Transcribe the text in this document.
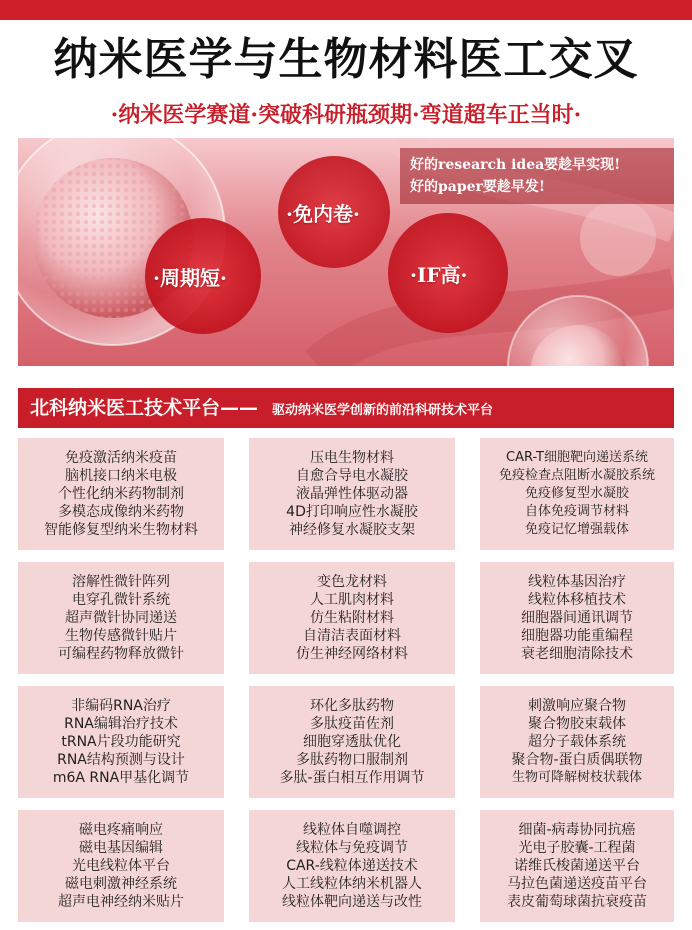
纳米医学与生物材料医工交叉
·纳米医学赛道·突破科研瓶颈期·弯道超车正当时·
好的research idea要趁早实现!
好的paper要趁早发!
·周期短·
·免内卷·
·IF高·
北科纳米医工技术平台 —— 驱动纳米医学创新的前沿科研技术平台
免疫激活纳米疫苗
脑机接口纳米电极
个性化纳米药物制剂
多模态成像纳米药物
智能修复型纳米生物材料
压电生物材料
自愈合导电水凝胶
液晶弹性体驱动器
4D打印响应性水凝胶
神经修复水凝胶支架
CAR-T细胞靶向递送系统
免疫检查点阻断水凝胶系统
免疫修复型水凝胶
自体免疫调节材料
免疫记忆增强载体
溶解性微针阵列
电穿孔微针系统
超声微针协同递送
生物传感微针贴片
可编程药物释放微针
变色龙材料
人工肌肉材料
仿生粘附材料
自清洁表面材料
仿生神经网络材料
线粒体基因治疗
线粒体移植技术
细胞器间通讯调节
细胞器功能重编程
衰老细胞清除技术
非编码RNA治疗
RNA编辑治疗技术
tRNA片段功能研究
RNA结构预测与设计
m6A RNA甲基化调节
环化多肽药物
多肽疫苗佐剂
细胞穿透肽优化
多肽药物口服制剂
多肽-蛋白相互作用调节
刺激响应聚合物
聚合物胶束载体
超分子载体系统
聚合物-蛋白质偶联物
生物可降解树枝状载体
磁电疼痛响应
磁电基因编辑
光电线粒体平台
磁电刺激神经系统
超声电神经纳米贴片
线粒体自噬调控
线粒体与免疫调节
CAR-线粒体递送技术
人工线粒体纳米机器人
线粒体靶向递送与改性
细菌-病毒协同抗癌
光电子胶囊-工程菌
诺维氏梭菌递送平台
马拉色菌递送疫苗平台
表皮葡萄球菌抗衰疫苗
